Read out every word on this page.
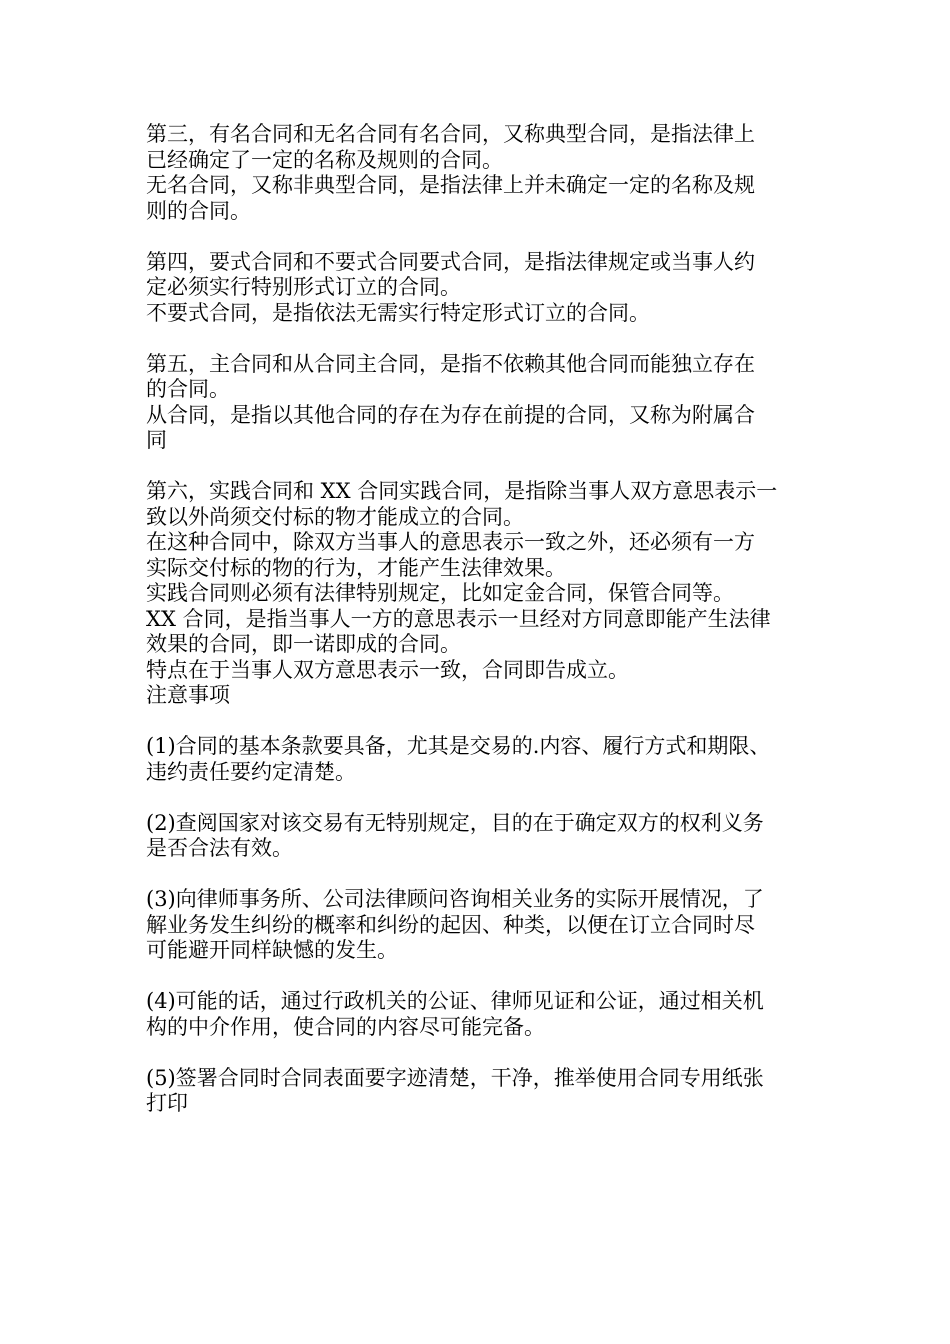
第三，有名合同和无名合同有名合同，又称典型合同，是指法律上
已经确定了一定的名称及规则的合同。
无名合同，又称非典型合同，是指法律上并未确定一定的名称及规
则的合同。
第四，要式合同和不要式合同要式合同，是指法律规定或当事人约
定必须实行特别形式订立的合同。
不要式合同，是指依法无需实行特定形式订立的合同。
第五，主合同和从合同主合同，是指不依赖其他合同而能独立存在
的合同。
从合同，是指以其他合同的存在为存在前提的合同，又称为附属合
同
第六，实践合同和 XX 合同实践合同，是指除当事人双方意思表示一
致以外尚须交付标的物才能成立的合同。
在这种合同中，除双方当事人的意思表示一致之外，还必须有一方
实际交付标的物的行为，才能产生法律效果。
实践合同则必须有法律特别规定，比如定金合同，保管合同等。
XX 合同，是指当事人一方的意思表示一旦经对方同意即能产生法律
效果的合同，即一诺即成的合同。
特点在于当事人双方意思表示一致，合同即告成立。
注意事项
(1)合同的基本条款要具备，尤其是交易的.内容、履行方式和期限、
违约责任要约定清楚。
(2)查阅国家对该交易有无特别规定，目的在于确定双方的权利义务
是否合法有效。
(3)向律师事务所、公司法律顾问咨询相关业务的实际开展情况，了
解业务发生纠纷的概率和纠纷的起因、种类，以便在订立合同时尽
可能避开同样缺憾的发生。
(4)可能的话，通过行政机关的公证、律师见证和公证，通过相关机
构的中介作用，使合同的内容尽可能完备。
(5)签署合同时合同表面要字迹清楚，干净，推举使用合同专用纸张
打印
